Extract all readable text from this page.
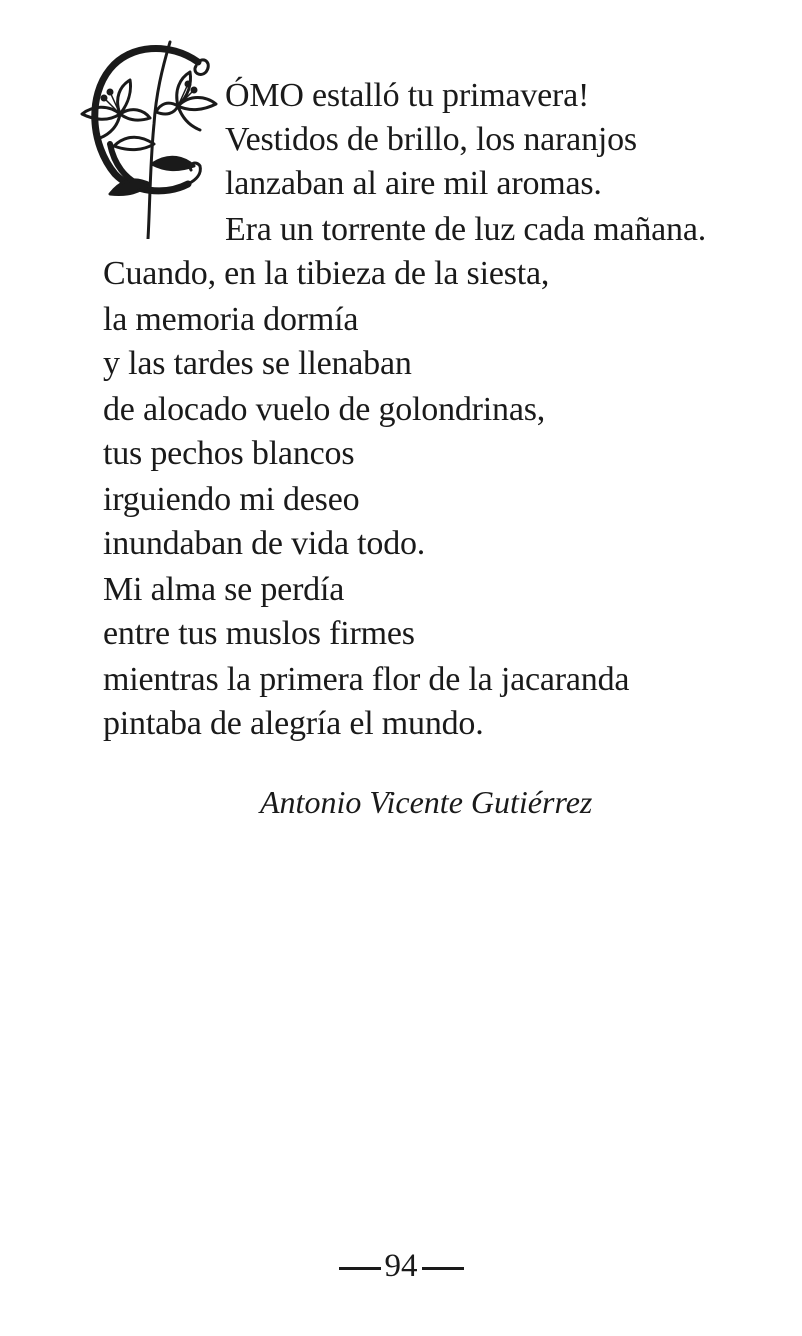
ÓMO estalló tu primavera!
Vestidos de brillo, los naranjos
lanzaban al aire mil aromas.
Era un torrente de luz cada mañana.
Cuando, en la tibieza de la siesta,
la memoria dormía
y las tardes se llenaban
de alocado vuelo de golondrinas,
tus pechos blancos
irguiendo mi deseo
inundaban de vida todo.
Mi alma se perdía
entre tus muslos firmes
mientras la primera flor de la jacaranda
pintaba de alegría el mundo.
Antonio Vicente Gutiérrez
94
